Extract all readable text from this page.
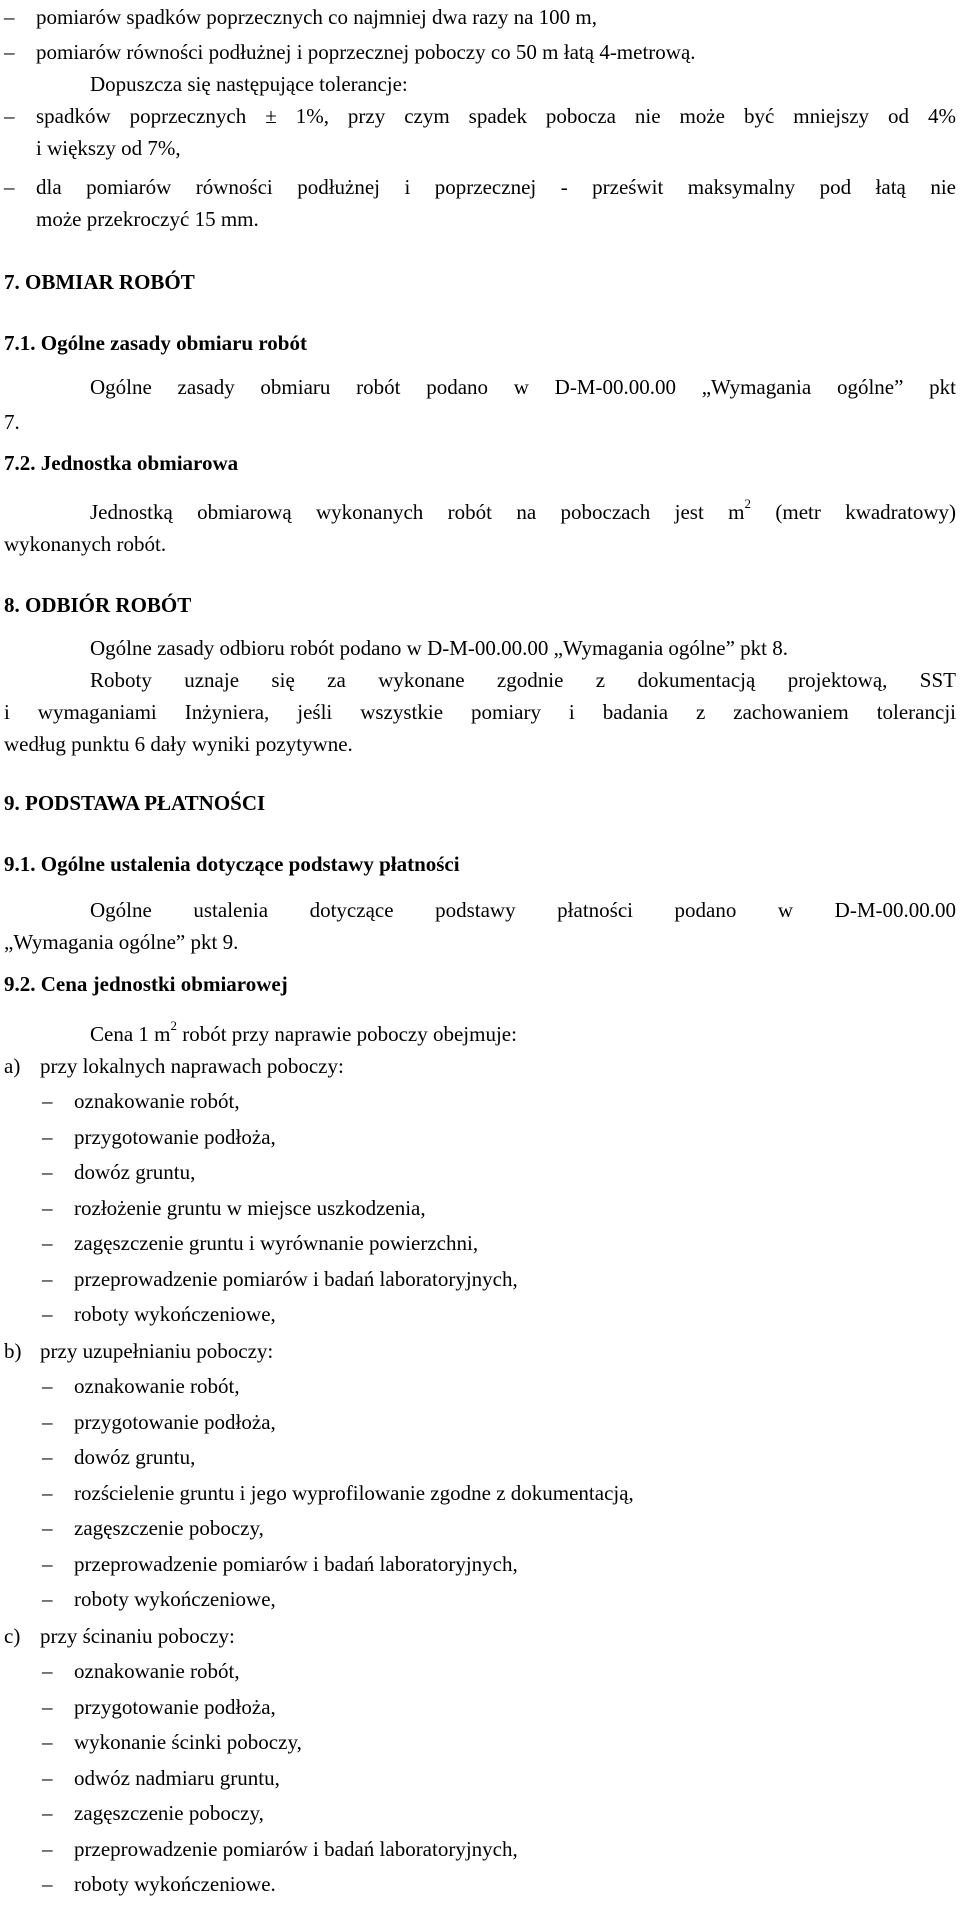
– pomiarów spadków poprzecznych co najmniej dwa razy na 100 m,
– pomiarów równości podłużnej i poprzecznej poboczy co 50 m łatą 4-metrową.
Dopuszcza się następujące tolerancje:
– spadków poprzecznych ± 1%, przy czym spadek pobocza nie może być mniejszy od 4%
i większy od 7%,
– dla pomiarów równości podłużnej i poprzecznej - prześwit maksymalny pod łatą nie
może przekroczyć 15 mm.
7. OBMIAR ROBÓT
7.1. Ogólne zasady obmiaru robót
Ogólne zasady obmiaru robót podano w D-M-00.00.00 „Wymagania ogólne” pkt
7.
7.2. Jednostka obmiarowa
Jednostką obmiarową wykonanych robót na poboczach jest $m^2$ (metr kwadratowy)
wykonanych robót.
8. ODBIÓR ROBÓT
Ogólne zasady odbioru robót podano w D-M-00.00.00 „Wymagania ogólne” pkt 8.
Roboty uznaje się za wykonane zgodnie z dokumentacją projektową, SST
i wymaganiami Inżyniera, jeśli wszystkie pomiary i badania z zachowaniem tolerancji
według punktu 6 dały wyniki pozytywne.
9. PODSTAWA PŁATNOŚCI
9.1. Ogólne ustalenia dotyczące podstawy płatności
Ogólne ustalenia dotyczące podstawy płatności podano w D-M-00.00.00
„Wymagania ogólne” pkt 9.
9.2. Cena jednostki obmiarowej
Cena 1 $m^2$ robót przy naprawie poboczy obejmuje:
a) przy lokalnych naprawach poboczy:
– oznakowanie robót,
– przygotowanie podłoża,
– dowóz gruntu,
– rozłożenie gruntu w miejsce uszkodzenia,
– zagęszczenie gruntu i wyrównanie powierzchni,
– przeprowadzenie pomiarów i badań laboratoryjnych,
– roboty wykończeniowe,
b) przy uzupełnianiu poboczy:
– oznakowanie robót,
– przygotowanie podłoża,
– dowóz gruntu,
– rozścielenie gruntu i jego wyprofilowanie zgodne z dokumentacją,
– zagęszczenie poboczy,
– przeprowadzenie pomiarów i badań laboratoryjnych,
– roboty wykończeniowe,
c) przy ścinaniu poboczy:
– oznakowanie robót,
– przygotowanie podłoża,
– wykonanie ścinki poboczy,
– odwóz nadmiaru gruntu,
– zagęszczenie poboczy,
– przeprowadzenie pomiarów i badań laboratoryjnych,
– roboty wykończeniowe.
